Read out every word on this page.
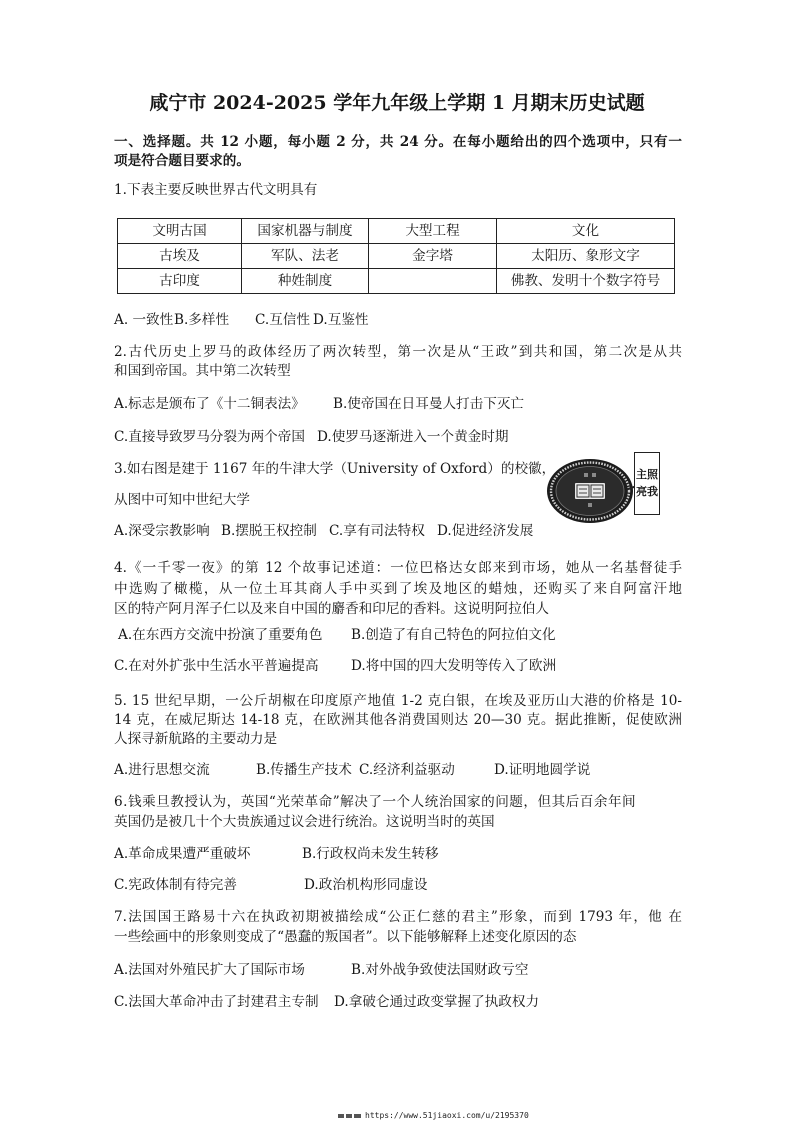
咸宁市 2024-2025 学年九年级上学期 1 月期末历史试题
一、选择题。共 12 小题，每小题 2 分，共 24 分。在每小题给出的四个选项中，只有一
项是符合题目要求的。
1.下表主要反映世界古代文明具有
文明古国	国家机器与制度	大型工程	文化
古埃及	军队、法老	金字塔	太阳历、象形文字
古印度	种姓制度		佛教、发明十个数字符号
A. 一致性 B.多样性 C.互信性 D.互鉴性
2.古代历史上罗马的政体经历了两次转型，第一次是从“王政”到共和国，第二次是从共
和国到帝国。其中第二次转型
A.标志是颁布了《十二铜表法》 B.使帝国在日耳曼人打击下灭亡
C.直接导致罗马分裂为两个帝国 D.使罗马逐渐进入一个黄金时期
3.如右图是建于 1167 年的牛津大学（University of Oxford）的校徽，
从图中可知中世纪大学
主照亮我
A.深受宗教影响 B.摆脱王权控制 C.享有司法特权 D.促进经济发展
4.《一千零一夜》的第 12 个故事记述道：一位巴格达女郎来到市场，她从一名基督徒手
中选购了橄榄，从一位土耳其商人手中买到了埃及地区的蜡烛，还购买了来自阿富汗地
区的特产阿月浑子仁以及来自中国的麝香和印尼的香料。这说明阿拉伯人
A.在东西方交流中扮演了重要角色 B.创造了有自己特色的阿拉伯文化
C.在对外扩张中生活水平普遍提高 D.将中国的四大发明等传入了欧洲
5. 15 世纪早期，一公斤胡椒在印度原产地值 1-2 克白银，在埃及亚历山大港的价格是 10-
14 克，在威尼斯达 14-18 克，在欧洲其他各消费国则达 20—30 克。据此推断，促使欧洲
人探寻新航路的主要动力是
A.进行思想交流	B.传播生产技术 C.经济利益驱动	D.证明地圆学说
6.钱乘旦教授认为，英国“光荣革命”解决了一个人统治国家的问题，但其后百余年间
英国仍是被几十个大贵族通过议会进行统治。这说明当时的英国
A.革命成果遭严重破坏	B.行政权尚未发生转移
C.宪政体制有待完善	D.政治机构形同虚设
7.法国国王路易十六在执政初期被描绘成“公正仁慈的君主”形象，而到 1793 年，他 在
一些绘画中的形象则变成了“愚蠢的叛国者”。以下能够解释上述变化原因的态
A.法国对外殖民扩大了国际市场	B.对外战争致使法国财政亏空
C.法国大革命冲击了封建君主专制 D.拿破仑通过政变掌握了执政权力
https://www.51jiaoxi.com/u/2195370
